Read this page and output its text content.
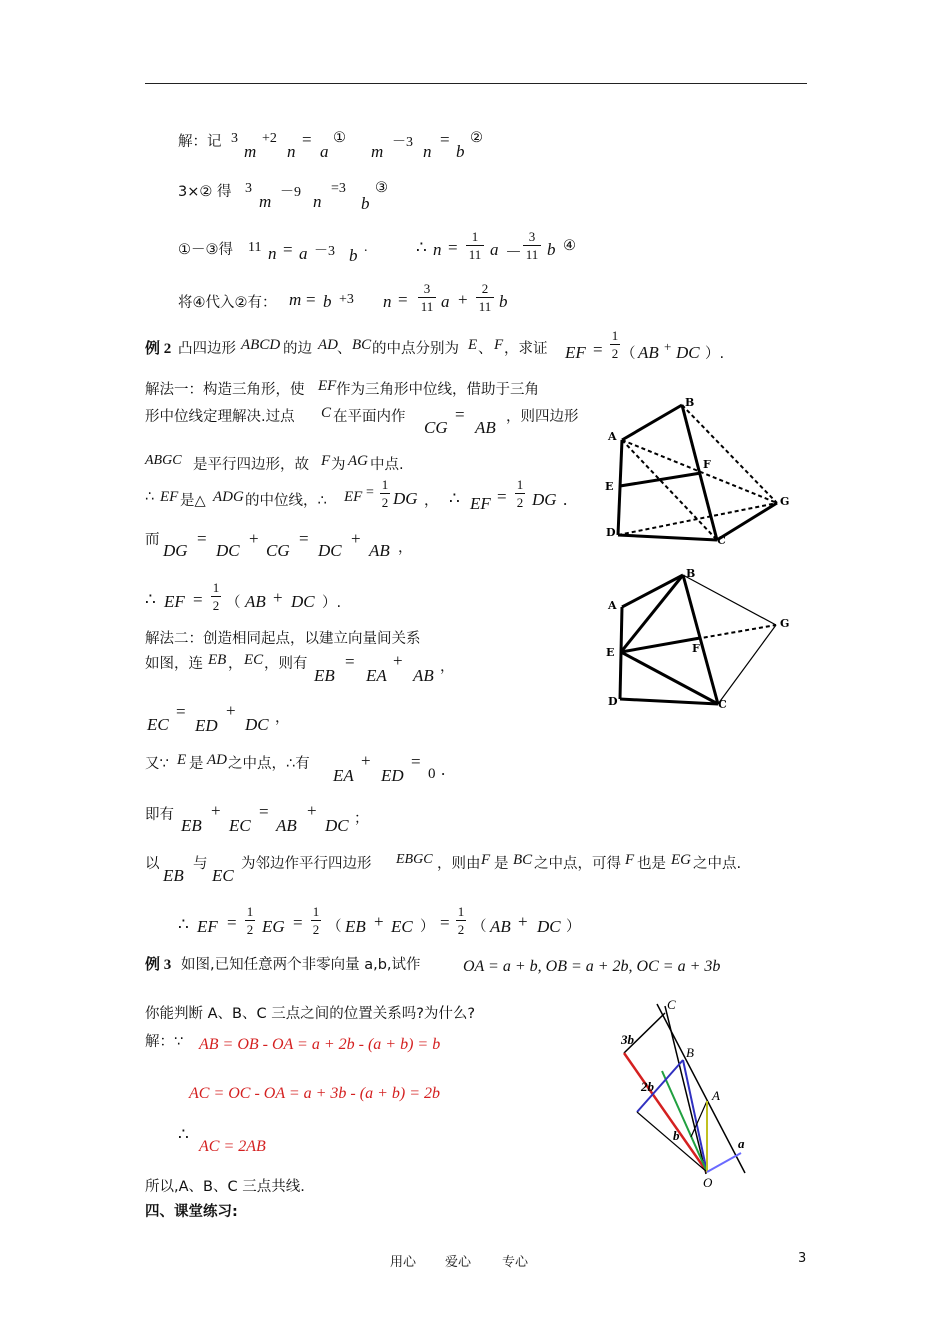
解：记 3
m
+2
n
=
a
①
m －3 n
=
b
②
3×② 得 3
m －9 n
=3
b
③
①－③得 11 n = a －3 b .	∴ n =
1
11 a －
3
11 b ④
将④代入②有： m = b +3 n =
3
11 a +
2
11 b
例 2 凸四边形 ABCD 的边 AD 、 BC 的中点分别为 E 、 F ，求证 EF =
1
2 （ AB + DC ）.
解法一：构造三角形，使 EF 作为三角形中位线，借助于三角
形中位线定理解决.过点 C 在平面内作
CG
=
AB
，则四边形
ABGC 是平行四边形，故 F 为 AG 中点.
∴ EF 是△ ADG 的中位线，∴ EF =
1
2 DG ， ∴ EF =
1
2 DG .
而
DG
=
DC
+
CG
=
DC
+
AB ，
∴ EF =
1
2 （ AB + DC ）.
解法二：创造相同起点，以建立向量间关系
如图，连 EB ， EC ，则有
EB
=
EA
+
AB ，
EC
=
ED
+
DC ，
又∵ E 是 AD 之中点，∴有
EA
+
ED
=
0 .
即有
EB
+
EC
=
AB
+
DC ；
以
EB
与
EC
为邻边作平行四边形 EBGC ，则由 F 是 BC 之中点，可得 F 也是 EG 之中点.
∴ EF =
1
2 EG =
1
2 （ EB + EC ） =
1
2 （ AB + DC ）
例 3 如图,已知任意两个非零向量 a,b,试作	OA = a + b, OB = a + 2b, OC = a + 3b
你能判断 A、B、C 三点之间的位置关系吗?为什么?
解：∵ AB = OB - OA = a + 2b - (a + b) = b
AC = OC - OA = a + 3b - (a + b) = 2b
∴
AC = 2AB
所以,A、B、C 三点共线.
四、课堂练习:
A
B
C
D
E
F
G
A
B
C
D
E	F
G
C
B
A
O
a
b
2b
3b
用心 爱心 专心	3
